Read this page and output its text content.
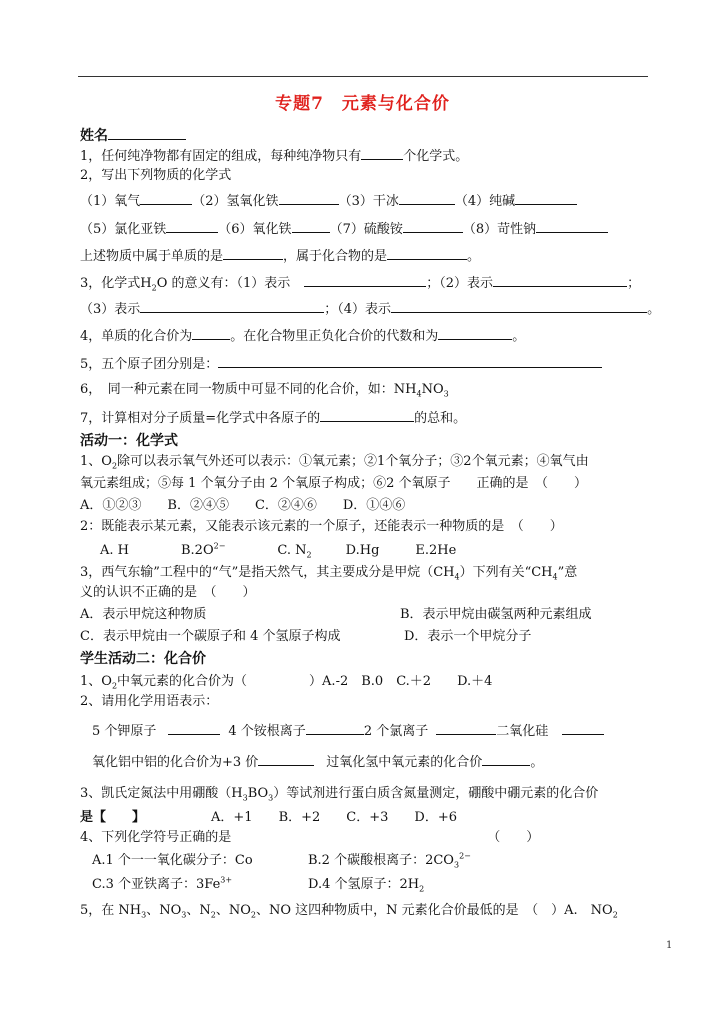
专题7　元素与化合价
姓名
1，任何纯净物都有固定的组成，每种纯净物只有	个化学式。
2，写出下列物质的化学式
（1）氧气	（2）氢氧化铁	（3）干冰	（4）纯碱
（5）氯化亚铁	（6）氧化铁	（7）硫酸铵	（8）苛性钠
上述物质中属于单质的是	，属于化合物的是	。
3，化学式$H_2O$ 的意义有：（1）表示	；（2）表示	；
（3）表示	；（4）表示	。
4，单质的化合价为	。在化合物里正负化合价的代数和为	。
5，五个原子团分别是：
6，　同一种元素在同一物质中可显不同的化合价，如：$NH_4NO_3$
7，计算相对分子质量=化学式中各原子的	的总和。
活动一：化学式
1、$O_2$除可以表示氧气外还可以表示：①氧元素；②1个氧分子；③2个氧元素；④氧气由
氧元素组成；⑤每 1 个氧分子由 2 个氧原子构成；⑥2 个氧原子　　正确的是　（　　）
A．①②③　　B．②④⑤　　C．②④⑥　　D．①④⑥
2：既能表示某元素，又能表示该元素的一个原子，还能表示一种物质的是　（　　）
A. H	$B.2O^{2-}$	C. $N_2$	D.Hg	E.2He
3，西气东输”工程中的“气”是指天然气，其主要成分是甲烷$(CH_4)$下列有关“$CH_4$”意
义的认识不正确的是　（　　）
A．表示甲烷这种物质	B．表示甲烷由碳氢两种元素组成
C．表示甲烷由一个碳原子和 4 个氢原子构成	D．表示一个甲烷分子
学生活动二：化合价
1、$O_2$中氧元素的化合价为（	）A.-2　B.0　C.＋2　　D.＋4
2、请用化学用语表示：
5 个钾原子	4 个铵根离子	2 个氯离子	二氧化硅
氧化铝中铝的化合价为+3 价	过氧化氢中氧元素的化合价	。
3、凯氏定氮法中用硼酸$(H_3BO_3)$等试剂进行蛋白质含氮量测定，硼酸中硼元素的化合价
是【　　】	A．+1　　B．+2　　C．+3　　D．+6
4、下列化学符号正确的是	（　　）
A.1 个一一氧化碳分子：Co	B.2 个碳酸根离子：$2CO_3^{2-}$
C.3 个亚铁离子：$3Fe^{3+}$	D.4 个氢原子：$2H_2$
5，在 $NH_3$、$NO_3$、$N_2$、$NO_2$、NO 这四种物质中，N 元素化合价最低的是　（　）A.　$NO_2$
1
